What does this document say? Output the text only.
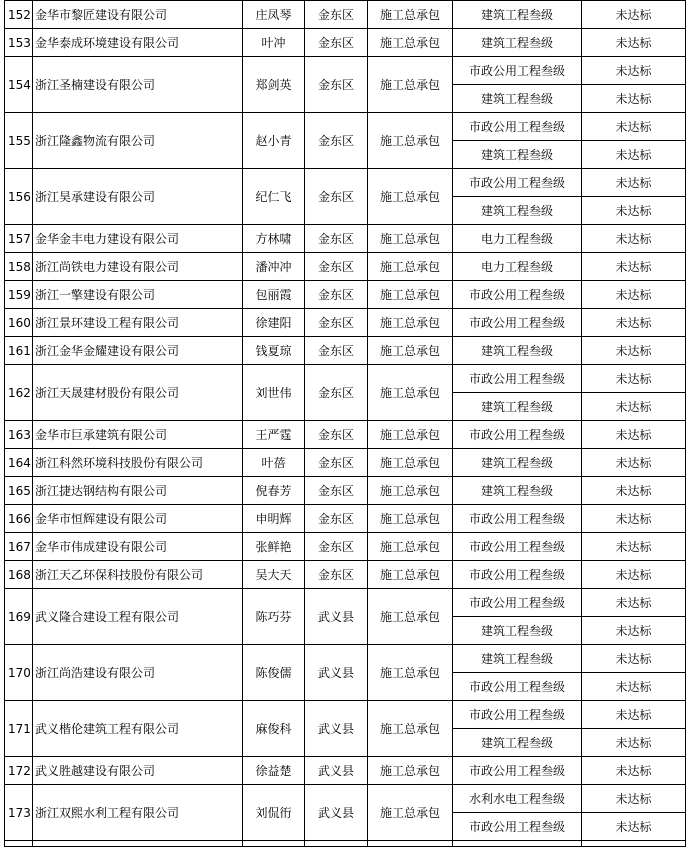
152	金华市黎匠建设有限公司	庄凤琴	金东区	施工总承包	建筑工程叁级	未达标
153	金华泰成环境建设有限公司	叶冲	金东区	施工总承包	建筑工程叁级	未达标
154	浙江圣楠建设有限公司	郑剑英	金东区	施工总承包	市政公用工程叁级	未达标
					建筑工程叁级	未达标
155	浙江隆鑫物流有限公司	赵小青	金东区	施工总承包	市政公用工程叁级	未达标
					建筑工程叁级	未达标
156	浙江昊承建设有限公司	纪仁飞	金东区	施工总承包	市政公用工程叁级	未达标
					建筑工程叁级	未达标
157	金华金丰电力建设有限公司	方林啸	金东区	施工总承包	电力工程叁级	未达标
158	浙江尚铁电力建设有限公司	潘冲冲	金东区	施工总承包	电力工程叁级	未达标
159	浙江一擎建设有限公司	包丽霞	金东区	施工总承包	市政公用工程叁级	未达标
160	浙江景环建设工程有限公司	徐建阳	金东区	施工总承包	市政公用工程叁级	未达标
161	浙江金华金耀建设有限公司	钱夏琼	金东区	施工总承包	建筑工程叁级	未达标
162	浙江天晟建材股份有限公司	刘世伟	金东区	施工总承包	市政公用工程叁级	未达标
					建筑工程叁级	未达标
163	金华市巨承建筑有限公司	王严霆	金东区	施工总承包	市政公用工程叁级	未达标
164	浙江科然环境科技股份有限公司	叶蓓	金东区	施工总承包	建筑工程叁级	未达标
165	浙江捷达钢结构有限公司	倪春芳	金东区	施工总承包	建筑工程叁级	未达标
166	金华市恒辉建设有限公司	申明辉	金东区	施工总承包	市政公用工程叁级	未达标
167	金华市伟成建设有限公司	张鲜艳	金东区	施工总承包	市政公用工程叁级	未达标
168	浙江天乙环保科技股份有限公司	吴大天	金东区	施工总承包	市政公用工程叁级	未达标
169	武义隆合建设工程有限公司	陈巧芬	武义县	施工总承包	市政公用工程叁级	未达标
					建筑工程叁级	未达标
170	浙江尚浩建设有限公司	陈俊儒	武义县	施工总承包	建筑工程叁级	未达标
					市政公用工程叁级	未达标
171	武义楷伦建筑工程有限公司	麻俊科	武义县	施工总承包	市政公用工程叁级	未达标
					建筑工程叁级	未达标
172	武义胜越建设有限公司	徐益楚	武义县	施工总承包	市政公用工程叁级	未达标
173	浙江双熙水利工程有限公司	刘侃衎	武义县	施工总承包	水利水电工程叁级	未达标
					市政公用工程叁级	未达标
